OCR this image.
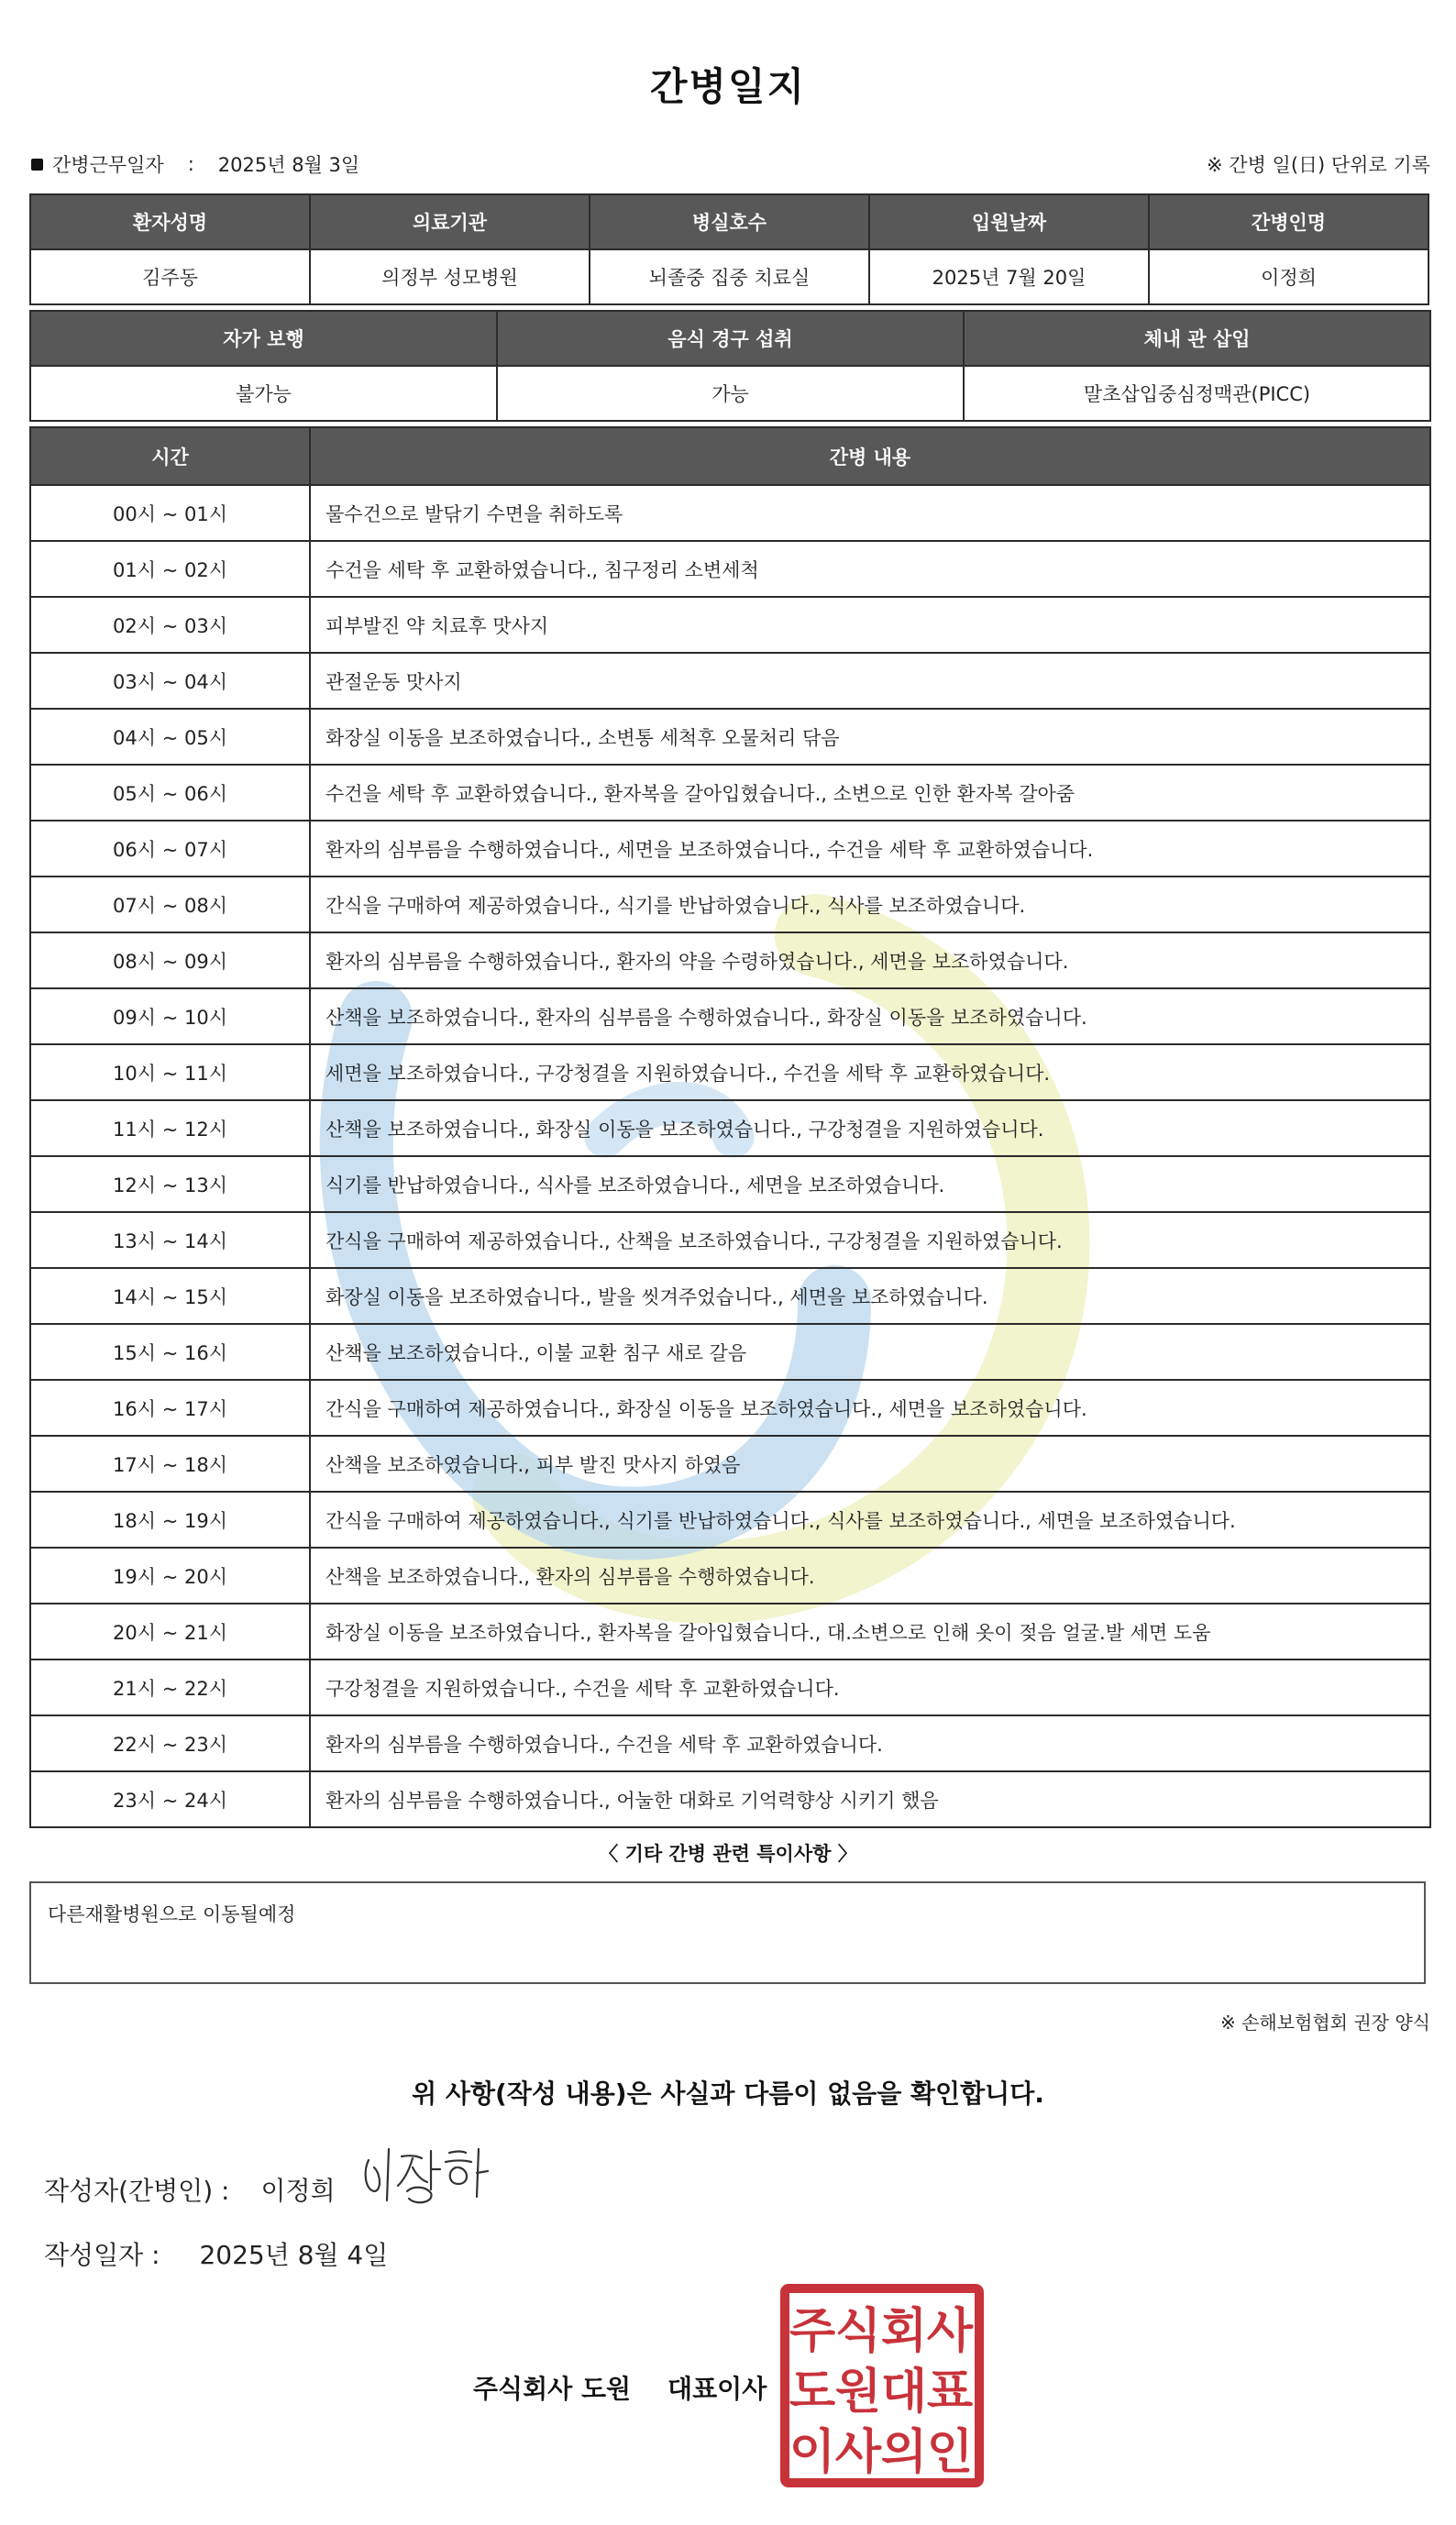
간병일지
간병근무일자 : 2025년 8월 3일	※ 간병 일(日) 단위로 기록
환자성명	의료기관	병실호수	입원날짜	간병인명
김주동	의정부 성모병원	뇌졸중 집중 치료실	2025년 7월 20일	이정희
자가 보행	음식 경구 섭취	체내 관 삽입
불가능	가능	말초삽입중심정맥관(PICC)
시간	간병 내용
00시 ~ 01시	물수건으로 발닦기 수면을 취하도록
01시 ~ 02시	수건을 세탁 후 교환하였습니다., 침구정리 소변세척
02시 ~ 03시	피부발진 약 치료후 맛사지
03시 ~ 04시	관절운동 맛사지
04시 ~ 05시	화장실 이동을 보조하였습니다., 소변통 세척후 오물처리 닦음
05시 ~ 06시	수건을 세탁 후 교환하였습니다., 환자복을 갈아입혔습니다., 소변으로 인한 환자복 갈아줌
06시 ~ 07시	환자의 심부름을 수행하였습니다., 세면을 보조하였습니다., 수건을 세탁 후 교환하였습니다.
07시 ~ 08시	간식을 구매하여 제공하였습니다., 식기를 반납하였습니다., 식사를 보조하였습니다.
08시 ~ 09시	환자의 심부름을 수행하였습니다., 환자의 약을 수령하였습니다., 세면을 보조하였습니다.
09시 ~ 10시	산책을 보조하였습니다., 환자의 심부름을 수행하였습니다., 화장실 이동을 보조하였습니다.
10시 ~ 11시	세면을 보조하였습니다., 구강청결을 지원하였습니다., 수건을 세탁 후 교환하였습니다.
11시 ~ 12시	산책을 보조하였습니다., 화장실 이동을 보조하였습니다., 구강청결을 지원하였습니다.
12시 ~ 13시	식기를 반납하였습니다., 식사를 보조하였습니다., 세면을 보조하였습니다.
13시 ~ 14시	간식을 구매하여 제공하였습니다., 산책을 보조하였습니다., 구강청결을 지원하였습니다.
14시 ~ 15시	화장실 이동을 보조하였습니다., 발을 씻겨주었습니다., 세면을 보조하였습니다.
15시 ~ 16시	산책을 보조하였습니다., 이불 교환 침구 새로 갈음
16시 ~ 17시	간식을 구매하여 제공하였습니다., 화장실 이동을 보조하였습니다., 세면을 보조하였습니다.
17시 ~ 18시	산책을 보조하였습니다., 피부 발진 맛사지 하였음
18시 ~ 19시	간식을 구매하여 제공하였습니다., 식기를 반납하였습니다., 식사를 보조하였습니다., 세면을 보조하였습니다.
19시 ~ 20시	산책을 보조하였습니다., 환자의 심부름을 수행하였습니다.
20시 ~ 21시	화장실 이동을 보조하였습니다., 환자복을 갈아입혔습니다., 대.소변으로 인해 옷이 젖음 얼굴.발 세면 도움
21시 ~ 22시	구강청결을 지원하였습니다., 수건을 세탁 후 교환하였습니다.
22시 ~ 23시	환자의 심부름을 수행하였습니다., 수건을 세탁 후 교환하였습니다.
23시 ~ 24시	환자의 심부름을 수행하였습니다., 어눌한 대화로 기억력향상 시키기 했음
〈 기타 간병 관련 특이사항 〉
다른재활병원으로 이동될예정
※ 손해보험협회 권장 양식
위 사항(작성 내용)은 사실과 다름이 없음을 확인합니다.
작성자(간병인) : 이정희
작성일자 : 2025년 8월 4일
주식회사 도원 대표이사
주 식 회 사
도 원 대 표
이 사 의 인
